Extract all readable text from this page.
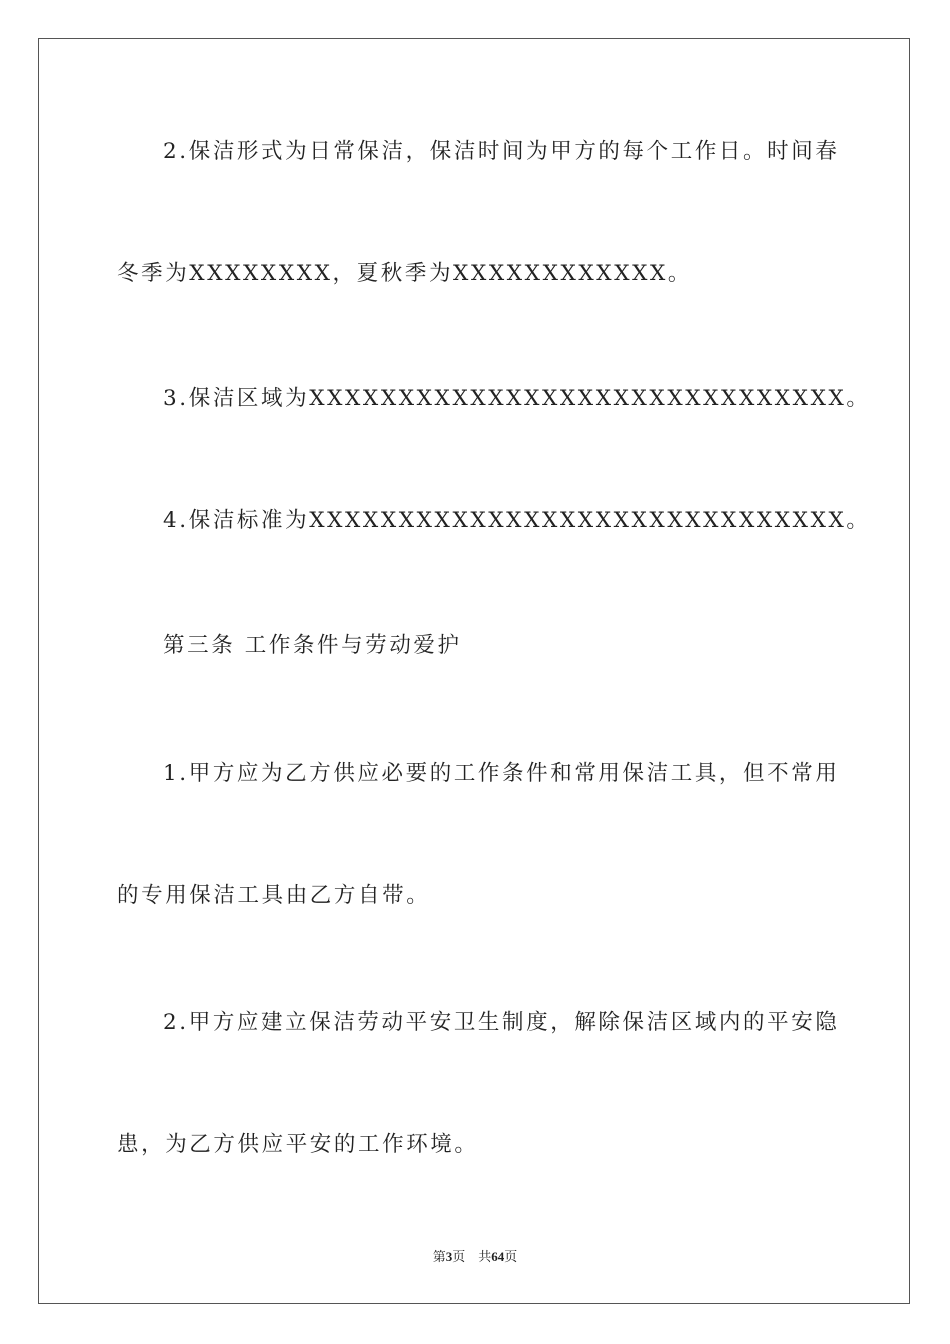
2.保洁形式为日常保洁，保洁时间为甲方的每个工作日。时间春
冬季为XXXXXXXX，夏秋季为XXXXXXXXXXXX。
3.保洁区域为XXXXXXXXXXXXXXXXXXXXXXXXXXXXXX。
4.保洁标准为XXXXXXXXXXXXXXXXXXXXXXXXXXXXXX。
第三条 工作条件与劳动爱护
1.甲方应为乙方供应必要的工作条件和常用保洁工具，但不常用
的专用保洁工具由乙方自带。
2.甲方应建立保洁劳动平安卫生制度，解除保洁区域内的平安隐
患，为乙方供应平安的工作环境。
第3页 共64页
